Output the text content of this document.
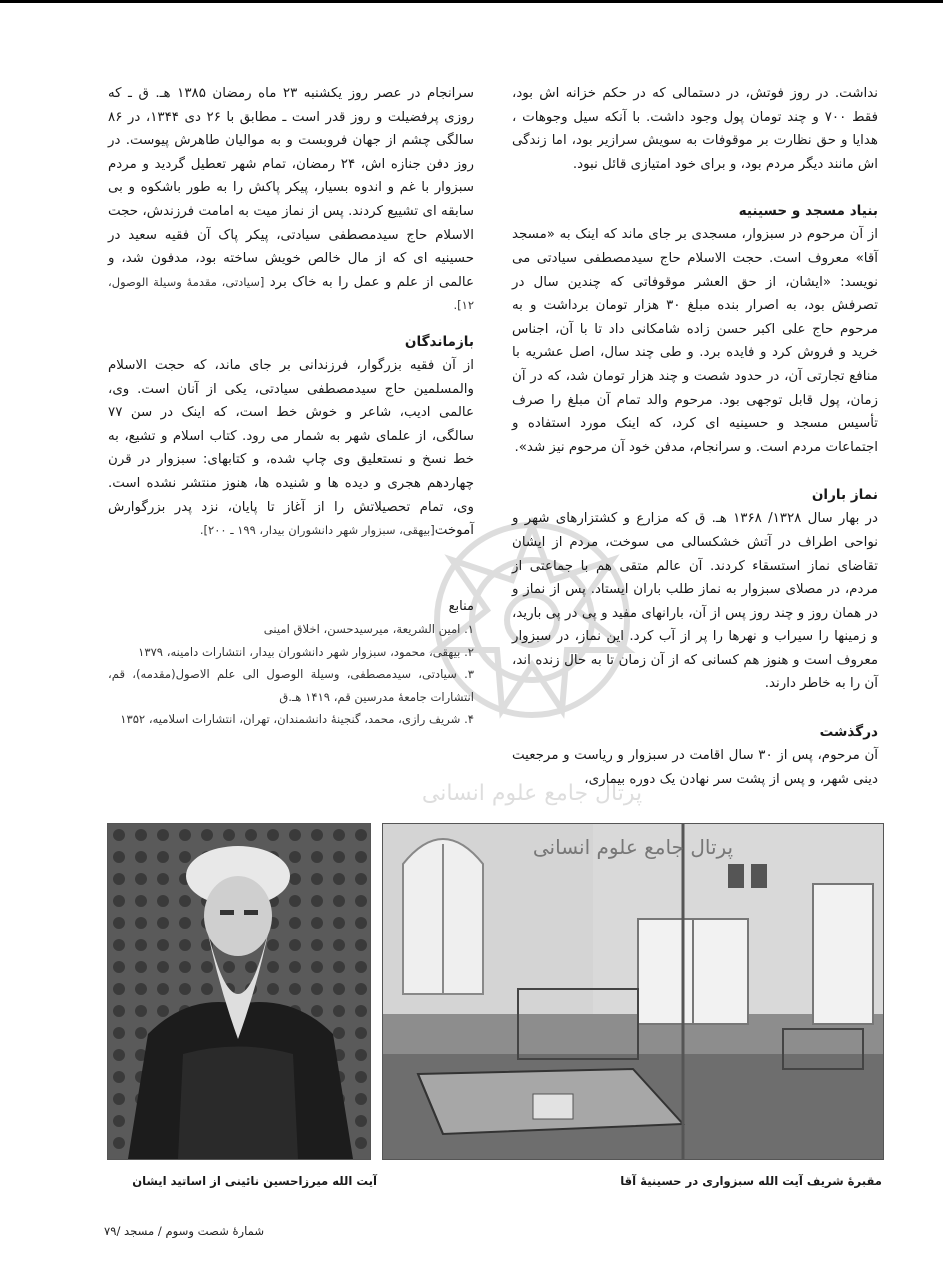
پرتال جامع علوم انسانی

نداشت. در روز فوتش، در دستمالی که در حکم خزانه اش بود، فقط ۷۰۰ و چند تومان پول وجود داشت. با آنکه سیل وجوهات ، هدایا و حق نظارت بر موقوفات به سویش سرازیر بود، اما زندگی اش مانند دیگر مردم بود، و برای خود امتیازی قائل نبود.

بنیاد مسجد و حسینیه

از آن مرحوم در سبزوار، مسجدی بر جای ماند که اینک به «مسجد آقا» معروف است. حجت الاسلام حاج سیدمصطفی سیادتی می نویسد: «ایشان، از حق العشر موقوفاتی که چندین سال در تصرفش بود، به اصرار بنده مبلغ ۳۰ هزار تومان برداشت و به مرحوم حاج علی اکبر حسن زاده شامکانی داد تا با آن، اجناس خرید و فروش کرد و فایده برد. و طی چند سال، اصل عشریه با منافع تجارتی آن، در حدود شصت و چند هزار تومان شد، که در آن زمان، پول قابل توجهی بود. مرحوم والد تمام آن مبلغ را صرف تأسیس مسجد و حسینیه ای کرد، که اینک مورد استفاده و اجتماعات مردم است. و سرانجام، مدفن خود آن مرحوم نیز شد».

نماز باران

در بهار سال ۱۳۲۸/ ۱۳۶۸ هـ. ق که مزارع و کشتزارهای شهر و نواحی اطراف در آتش خشکسالی می سوخت، مردم از ایشان تقاضای نماز استسقاء کردند. آن عالم متقی هم با جماعتی از مردم، در مصلای سبزوار به نماز طلب باران ایستاد. پس از نماز و در همان روز و چند روز پس از آن، بارانهای مفید و پی در پی بارید، و زمینها را سیراب و نهرها را پر از آب کرد. این نماز، در سبزوار معروف است و هنوز هم کسانی که از آن زمان تا به حال زنده اند، آن را به خاطر دارند.

درگذشت

آن مرحوم، پس از ۳۰ سال اقامت در سبزوار و ریاست و مرجعیت دینی شهر، و پس از پشت سر نهادن یک دوره بیماری،

سرانجام در عصر روز یکشنبه ۲۳ ماه رمضان ۱۳۸۵ هـ. ق ـ که روزی پرفضیلت و روز قدر است ـ مطابق با ۲۶ دی ۱۳۴۴، در ۸۶ سالگی چشم از جهان فروبست و به موالیان طاهرش پیوست. در روز دفن جنازه اش، ۲۴ رمضان، تمام شهر تعطیل گردید و مردم سبزوار با غم و اندوه بسیار، پیکر پاکش را به طور باشکوه و بی سابقه ای تشییع کردند. پس از نماز میت به امامت فرزندش، حجت الاسلام حاج سیدمصطفی سیادتی، پیکر پاک آن فقیه سعید در حسینیه ای که از مال خالص خویش ساخته بود، مدفون شد، و عالمی از علم و عمل را به خاک برد [سیادتی، مقدمهٔ وسیلة الوصول، ۱۲].

بازماندگان

از آن فقیه بزرگوار، فرزندانی بر جای ماند، که حجت الاسلام والمسلمین حاج سیدمصطفی سیادتی، یکی از آنان است. وی، عالمی ادیب، شاعر و خوش خط است، که اینک در سن ۷۷ سالگی، از علمای شهر به شمار می رود. کتاب اسلام و تشیع، به خط نسخ و نستعلیق وی چاپ شده، و کتابهای: سبزوار در قرن چهاردهم هجری و دیده ها و شنیده ها، هنوز منتشر نشده است. وی، تمام تحصیلاتش را از آغاز تا پایان، نزد پدر بزرگوارش آموخت[بیهقی، سبزوار شهر دانشوران بیدار، ۱۹۹ ـ ۲۰۰].

منابع

۱. امین الشریعة، میرسیدحسن، اخلاق امینی
۲. بیهقی، محمود، سبزوار شهر دانشوران بیدار، انتشارات دامینه، ۱۳۷۹
۳. سیادتی، سیدمصطفی، وسیلة الوصول الی علم الاصول(مقدمه)، قم، انتشارات جامعهٔ مدرسین قم، ۱۴۱۹ هـ.ق
۴. شریف رازی، محمد، گنجینهٔ دانشمندان، تهران، انتشارات اسلامیه، ۱۳۵۲
پرتال جامع علوم انسانی
آیت الله میرزاحسین نائینی از اساتید ایشان	مقبرهٔ شریف آیت الله سبزواری در حسینیهٔ آقا
شمارهٔ شصت وسوم / مسجد /۷۹
